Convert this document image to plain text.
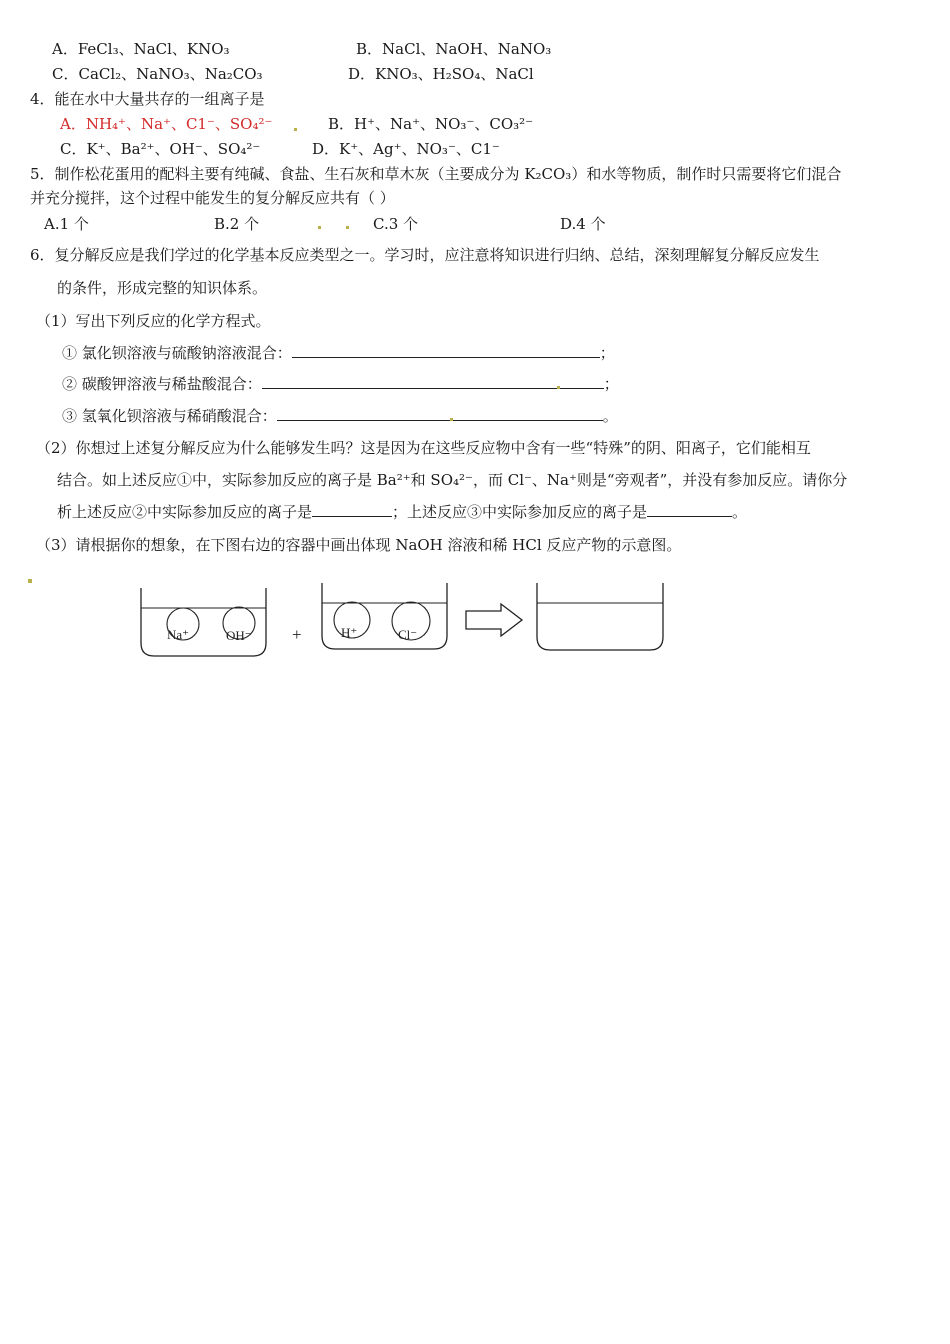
A．FeCl₃、NaCl、KNO₃	B．NaCl、NaOH、NaNO₃
C．CaCl₂、NaNO₃、Na₂CO₃	D．KNO₃、H₂SO₄、NaCl
4．能在水中大量共存的一组离子是
A．NH₄⁺、Na⁺、C1⁻、SO₄²⁻	B．H⁺、Na⁺、NO₃⁻、CO₃²⁻
C．K⁺、Ba²⁺、OH⁻、SO₄²⁻	D．K⁺、Ag⁺、NO₃⁻、C1⁻
5．制作松花蛋用的配料主要有纯碱、食盐、生石灰和草木灰（主要成分为 K₂CO₃）和水等物质，制作时只需要将它们混合
并充分搅拌，这个过程中能发生的复分解反应共有（ ）
A.1 个	B.2 个	C.3 个	D.4 个
6．复分解反应是我们学过的化学基本反应类型之一。学习时，应注意将知识进行归纳、总结，深刻理解复分解反应发生
的条件，形成完整的知识体系。
（1）写出下列反应的化学方程式。
① 氯化钡溶液与硫酸钠溶液混合：	；
② 碳酸钾溶液与稀盐酸混合：	；
③ 氢氧化钡溶液与稀硝酸混合：	。
（2）你想过上述复分解反应为什么能够发生吗？这是因为在这些反应物中含有一些“特殊”的阴、阳离子，它们能相互
结合。如上述反应①中，实际参加反应的离子是 Ba²⁺和 SO₄²⁻，而 Cl⁻、Na⁺则是“旁观者”，并没有参加反应。请你分
析上述反应②中实际参加反应的离子是	；上述反应③中实际参加反应的离子是	。
（3）请根据你的想象，在下图右边的容器中画出体现 NaOH 溶液和稀 HCl 反应产物的示意图。
Na⁺	OH⁻ +	H⁺	Cl⁻
